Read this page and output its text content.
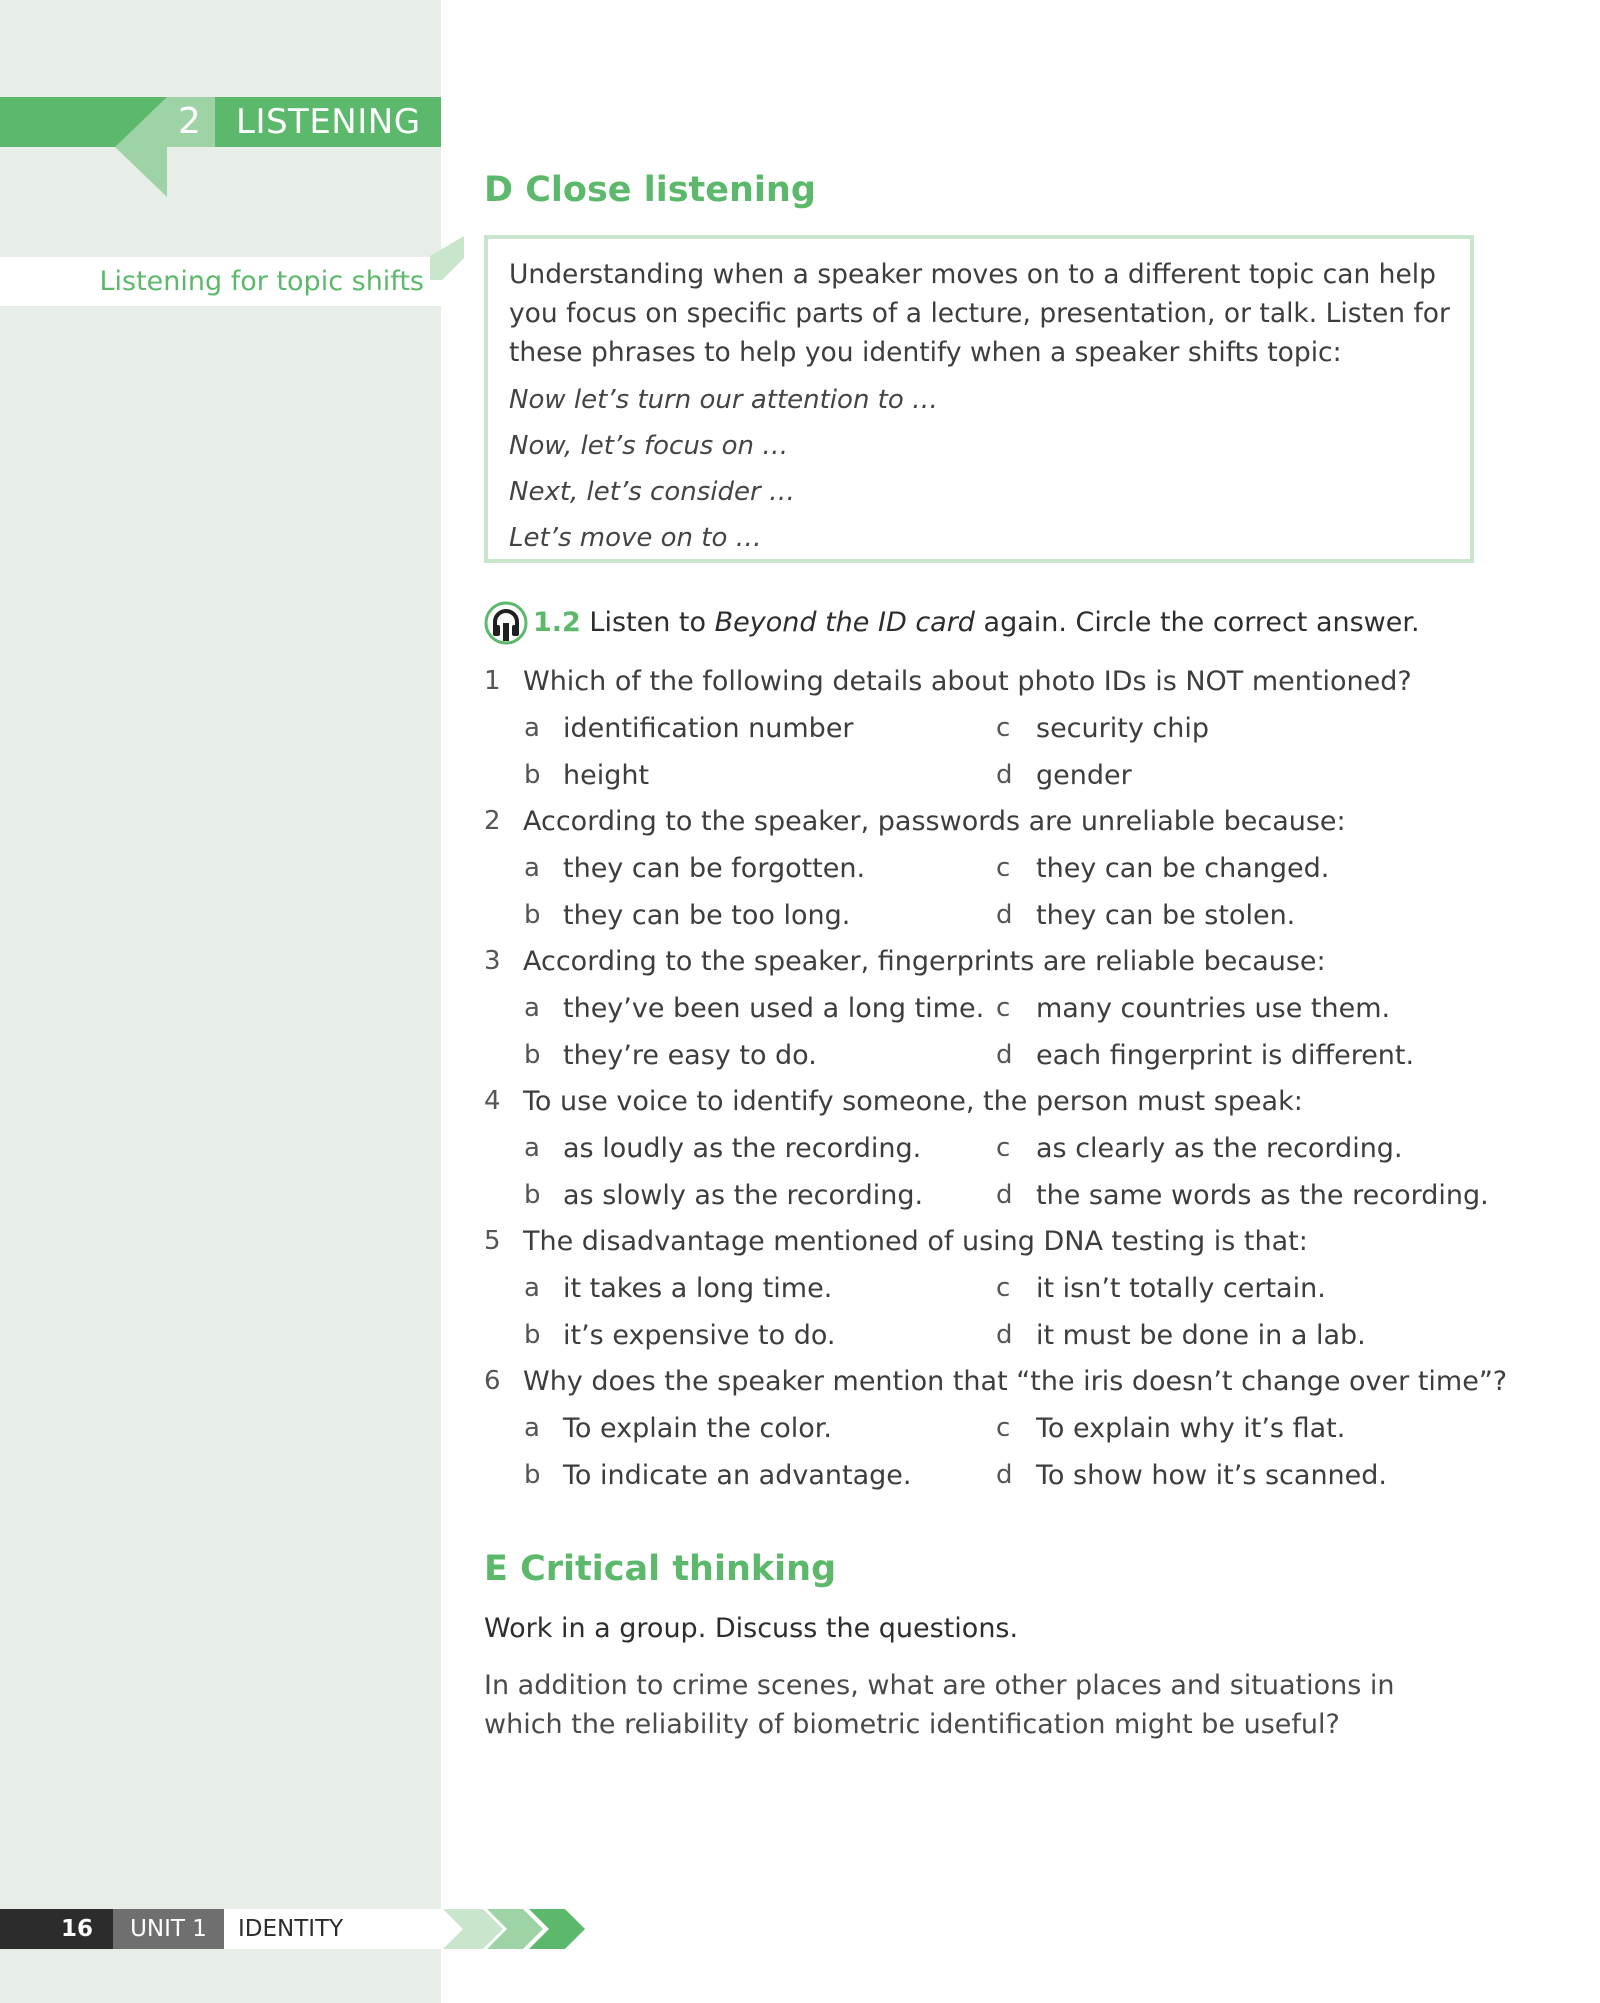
2 LISTENING
Listening for topic shifts
D Close listening

Understanding when a speaker moves on to a different topic can help you focus on specific parts of a lecture, presentation, or talk. Listen for these phrases to help you identify when a speaker shifts topic:

Now let’s turn our attention to …
Now, let’s focus on …
Next, let’s consider …
Let’s move on to …
1.2 Listen to Beyond the ID card again. Circle the correct answer.
1 Which of the following details about photo IDs is NOT mentioned?
a identification number	c security chip
b height	d gender
2 According to the speaker, passwords are unreliable because:
a they can be forgotten.	c they can be changed.
b they can be too long.	d they can be stolen.
3 According to the speaker, fingerprints are reliable because:
a they’ve been used a long time. c many countries use them.
b they’re easy to do.	d each fingerprint is different.
4 To use voice to identify someone, the person must speak:
a as loudly as the recording.	c as clearly as the recording.
b as slowly as the recording.	d the same words as the recording.
5 The disadvantage mentioned of using DNA testing is that:
a it takes a long time.	c it isn’t totally certain.
b it’s expensive to do.	d it must be done in a lab.
6 Why does the speaker mention that “the iris doesn’t change over time”?
a To explain the color.	c To explain why it’s flat.
b To indicate an advantage.	d To show how it’s scanned.
E Critical thinking
Work in a group. Discuss the questions.

In addition to crime scenes, what are other places and situations in which the reliability of biometric identification might be useful?

16	UNIT 1	IDENTITY
